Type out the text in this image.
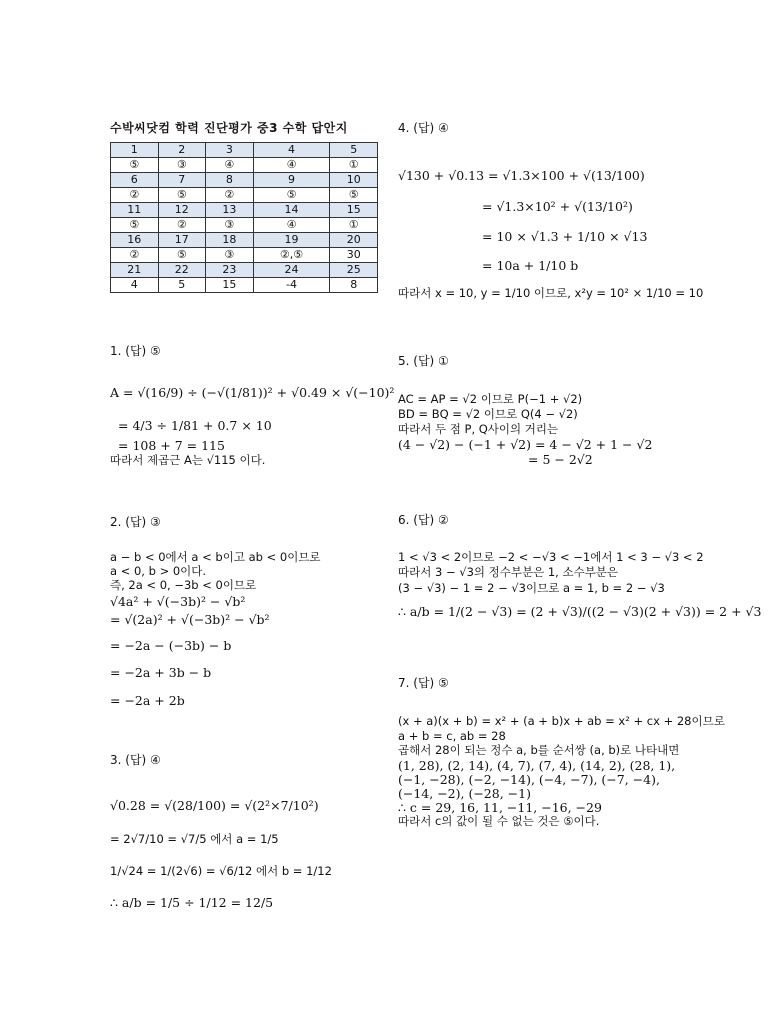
수박씨닷컴 학력 진단평가 중3 수학 답안지
1	2	3	4	5
⑤	③	④	④	①
6	7	8	9	10
②	⑤	②	⑤	⑤
11	12	13	14	15
⑤	②	③	④	①
16	17	18	19	20
②	⑤	③	②,⑤	30
21	22	23	24	25
4	5	15	-4	8
1. (답) ⑤
A = √(16/9) ÷ (−√(1/81))² + √0.49 × √(−10)²
= 4/3 ÷ 1/81 + 0.7 × 10
= 108 + 7 = 115
따라서 제곱근 A는 √115 이다.
2. (답) ③
a − b < 0에서 a < b이고 ab < 0이므로
a < 0, b > 0이다.
즉, 2a < 0, −3b < 0이므로
√4a² + √(−3b)² − √b²
= √(2a)² + √(−3b)² − √b²
= −2a − (−3b) − b
= −2a + 3b − b
= −2a + 2b
3. (답) ④
√0.28 = √(28/100) = √(2²×7/10²)
= 2√7/10 = √7/5 에서 a = 1/5
1/√24 = 1/(2√6) = √6/12 에서 b = 1/12
∴ a/b = 1/5 ÷ 1/12 = 12/5
4. (답) ④
√130 + √0.13 = √1.3×100 + √(13/100)
= √1.3×10² + √(13/10²)
= 10 × √1.3 + 1/10 × √13
= 10a + 1/10 b
따라서 x = 10, y = 1/10 이므로, x²y = 10² × 1/10 = 10
5. (답) ①
AC = AP = √2 이므로 P(−1 + √2)
BD = BQ = √2 이므로 Q(4 − √2)
따라서 두 점 P, Q사이의 거리는
(4 − √2) − (−1 + √2) = 4 − √2 + 1 − √2
= 5 − 2√2
6. (답) ②
1 < √3 < 2이므로 −2 < −√3 < −1에서 1 < 3 − √3 < 2
따라서 3 − √3의 정수부분은 1, 소수부분은
(3 − √3) − 1 = 2 − √3이므로 a = 1, b = 2 − √3
∴ a/b = 1/(2 − √3) = (2 + √3)/((2 − √3)(2 + √3)) = 2 + √3
7. (답) ⑤
(x + a)(x + b) = x² + (a + b)x + ab = x² + cx + 28이므로
a + b = c, ab = 28
곱해서 28이 되는 정수 a, b를 순서쌍 (a, b)로 나타내면
(1, 28), (2, 14), (4, 7), (7, 4), (14, 2), (28, 1),
(−1, −28), (−2, −14), (−4, −7), (−7, −4),
(−14, −2), (−28, −1)
∴ c = 29, 16, 11, −11, −16, −29
따라서 c의 값이 될 수 없는 것은 ⑤이다.
